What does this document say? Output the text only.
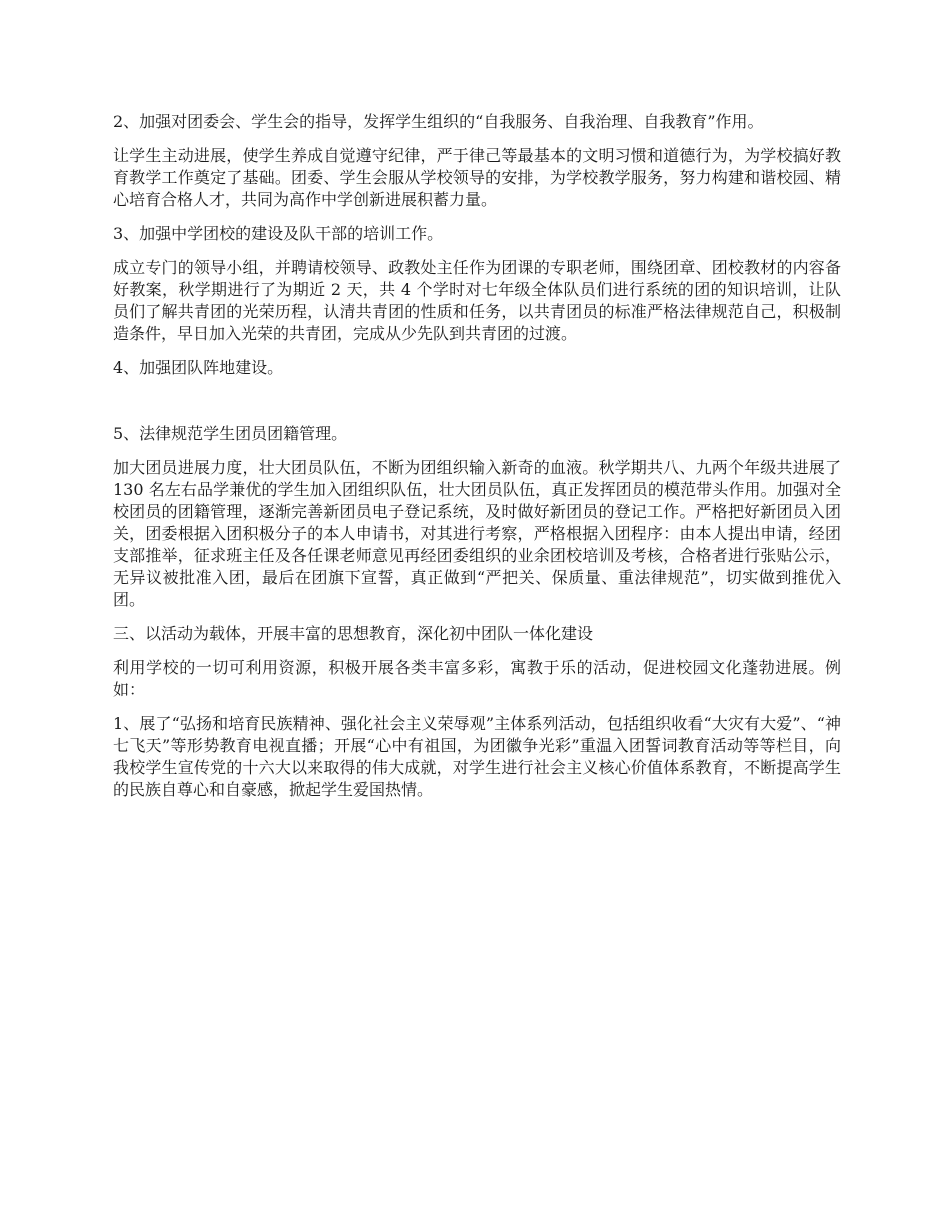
2、加强对团委会、学生会的指导，发挥学生组织的“自我服务、自我治理、自我教育”作用。

让学生主动进展，使学生养成自觉遵守纪律，严于律己等最基本的文明习惯和道德行为，为学校搞好教育教学工作奠定了基础。团委、学生会服从学校领导的安排，为学校教学服务，努力构建和谐校园、精心培育合格人才，共同为高作中学创新进展积蓄力量。

3、加强中学团校的建设及队干部的培训工作。

成立专门的领导小组，并聘请校领导、政教处主任作为团课的专职老师，围绕团章、团校教材的内容备好教案，秋学期进行了为期近 2 天，共 4 个学时对七年级全体队员们进行系统的团的知识培训，让队员们了解共青团的光荣历程，认清共青团的性质和任务，以共青团员的标准严格法律规范自己，积极制造条件，早日加入光荣的共青团，完成从少先队到共青团的过渡。

4、加强团队阵地建设。

5、法律规范学生团员团籍管理。

加大团员进展力度，壮大团员队伍，不断为团组织输入新奇的血液。秋学期共八、九两个年级共进展了 130 名左右品学兼优的学生加入团组织队伍，壮大团员队伍，真正发挥团员的模范带头作用。加强对全校团员的团籍管理，逐渐完善新团员电子登记系统，及时做好新团员的登记工作。严格把好新团员入团关，团委根据入团积极分子的本人申请书，对其进行考察，严格根据入团程序：由本人提出申请，经团支部推举，征求班主任及各任课老师意见再经团委组织的业余团校培训及考核，合格者进行张贴公示，无异议被批准入团，最后在团旗下宣誓，真正做到“严把关、保质量、重法律规范”，切实做到推优入团。

三、以活动为载体，开展丰富的思想教育，深化初中团队一体化建设

利用学校的一切可利用资源，积极开展各类丰富多彩，寓教于乐的活动，促进校园文化蓬勃进展。例如：

1、展了“弘扬和培育民族精神、强化社会主义荣辱观”主体系列活动，包括组织收看“大灾有大爱”、“神七飞天”等形势教育电视直播；开展“心中有祖国，为团徽争光彩”重温入团誓词教育活动等等栏目，向我校学生宣传党的十六大以来取得的伟大成就，对学生进行社会主义核心价值体系教育，不断提高学生的民族自尊心和自豪感，掀起学生爱国热情。
